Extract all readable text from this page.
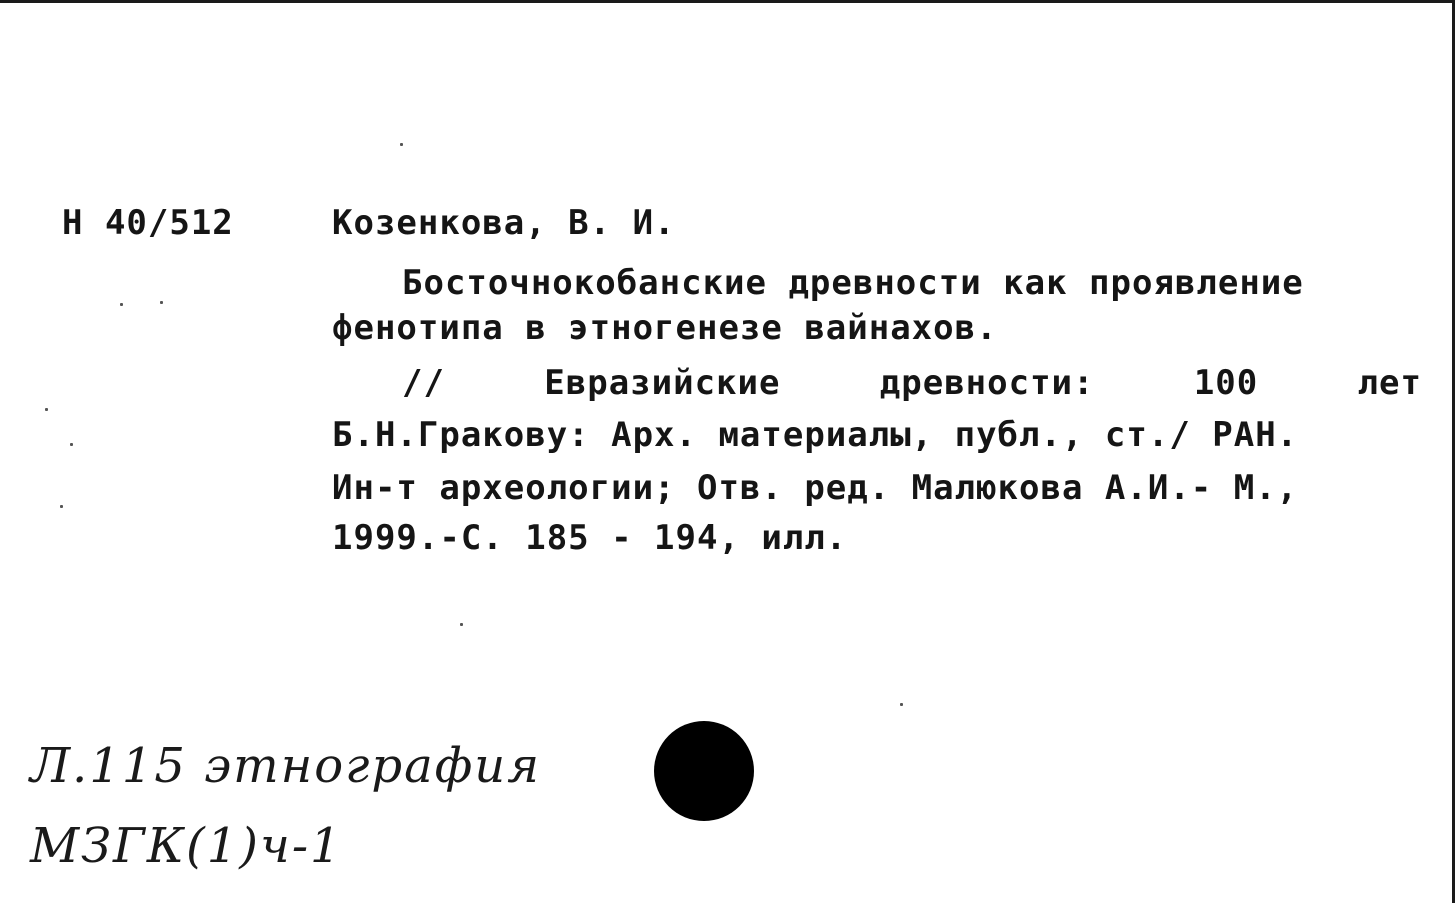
Н 40/512	Козенкова, В. И.
Босточнокобанские древности как проявление
фенотипа в этногенезе вайнахов.
// Евразийские древности: 100 лет
Б.Н.Гракову: Арх. материалы, публ., ст./ РАН.
Ин-т археологии; Отв. ред. Малюкова А.И.- М.,
1999.-С. 185 - 194, илл.
Л.115 этнография
МЗГК(1)ч-1
